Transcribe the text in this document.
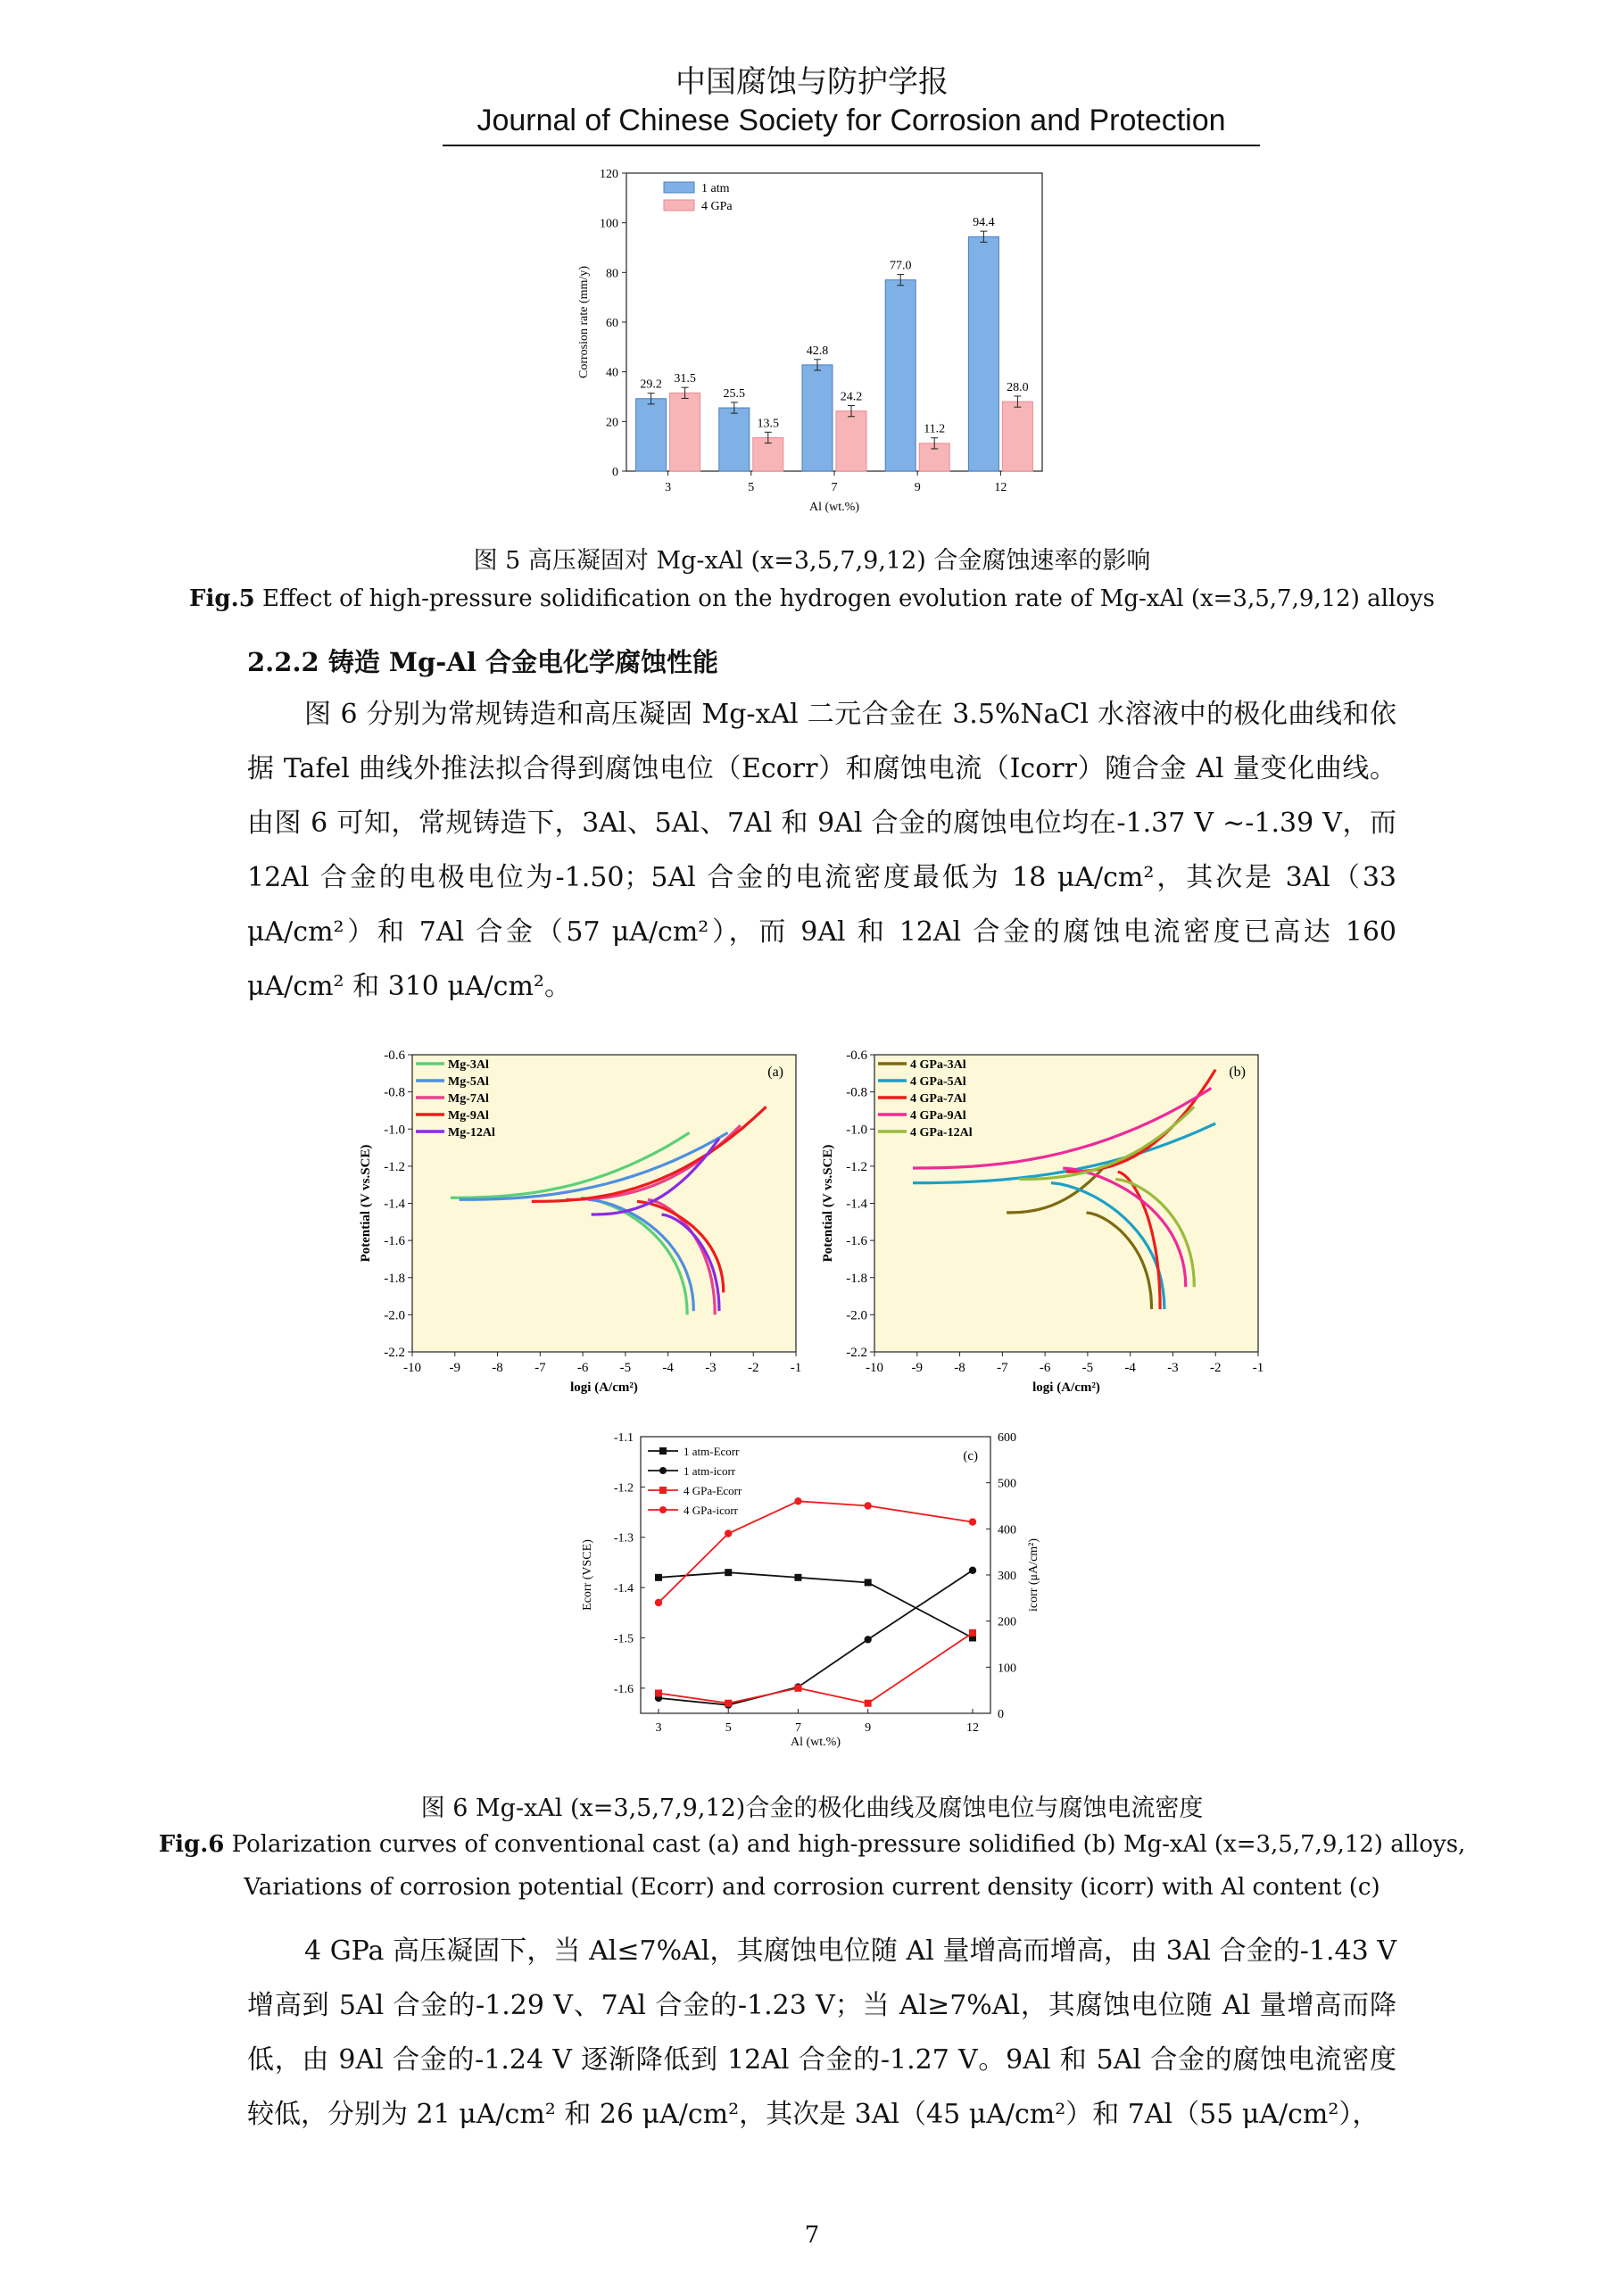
中国腐蚀与防护学报
Journal of Chinese Society for Corrosion and Protection
0
20
40
60
80
100
120
3
29.2 31.5
5
25.5
13.5
7
42.8
24.2
9
77.0
11.2
12
94.4
28.0
Al (wt.%)
Corrosion rate (mm/y)
1 atm
4 GPa
图 5 高压凝固对 Mg-xAl (x=3,5,7,9,12) 合金腐蚀速率的影响
Fig.5 Effect of high-pressure solidification on the hydrogen evolution rate of Mg-xAl (x=3,5,7,9,12) alloys
2.2.2 铸造 Mg-Al 合金电化学腐蚀性能

图 6 分别为常规铸造和高压凝固 Mg-xAl 二元合金在 3.5%NaCl 水溶液中的极化曲线和依据 Tafel 曲线外推法拟合得到腐蚀电位（Ecorr）和腐蚀电流（Icorr）随合金 Al 量变化曲线。由图 6 可知，常规铸造下，3Al、5Al、7Al 和 9Al 合金的腐蚀电位均在-1.37 V ~-1.39 V，而 12Al 合金的电极电位为-1.50；5Al 合金的电流密度最低为 18 μA/cm²，其次是 3Al（33 μA/cm²）和 7Al 合金（57 μA/cm²），而 9Al 和 12Al 合金的腐蚀电流密度已高达 160 μA/cm² 和 310 μA/cm²。

-0.6
-0.8
-1.0
-1.2
-1.4
-1.6
-1.8
-2.0
-2.2
-10 -9 -8 -7 -6 -5 -4 -3 -2 -1
logi (A/cm²)
Potential (V vs.SCE)
(a)
Mg-3Al
Mg-5Al
Mg-7Al
Mg-9Al
Mg-12Al
-0.6
-0.8
-1.0
-1.2
-1.4
-1.6
-1.8
-2.0
-2.2
-10 -9 -8 -7 -6 -5 -4 -3 -2 -1
logi (A/cm²)
Potential (V vs.SCE)
(b)
4 GPa-3Al
4 GPa-5Al
4 GPa-7Al
4 GPa-9Al
4 GPa-12Al
-1.1
-1.2
-1.3
-1.4
-1.5
-1.6
0
100
200
300
400
500
600
3	5	7	9	12
Al (wt.%)
Ecorr (VSCE)	icorr (μA/cm²)
(c)
1 atm-Ecorr
1 atm-icorr
4 GPa-Ecorr
4 GPa-icorr
图 6 Mg-xAl (x=3,5,7,9,12)合金的极化曲线及腐蚀电位与腐蚀电流密度
Fig.6 Polarization curves of conventional cast (a) and high-pressure solidified (b) Mg-xAl (x=3,5,7,9,12) alloys,
Variations of corrosion potential (Ecorr) and corrosion current density (icorr) with Al content (c)

4 GPa 高压凝固下，当 Al≤7%Al，其腐蚀电位随 Al 量增高而增高，由 3Al 合金的-1.43 V 增高到 5Al 合金的-1.29 V、7Al 合金的-1.23 V；当 Al≥7%Al，其腐蚀电位随 Al 量增高而降低，由 9Al 合金的-1.24 V 逐渐降低到 12Al 合金的-1.27 V。9Al 和 5Al 合金的腐蚀电流密度较低，分别为 21 μA/cm² 和 26 μA/cm²，其次是 3Al（45 μA/cm²）和 7Al（55 μA/cm²），

7
